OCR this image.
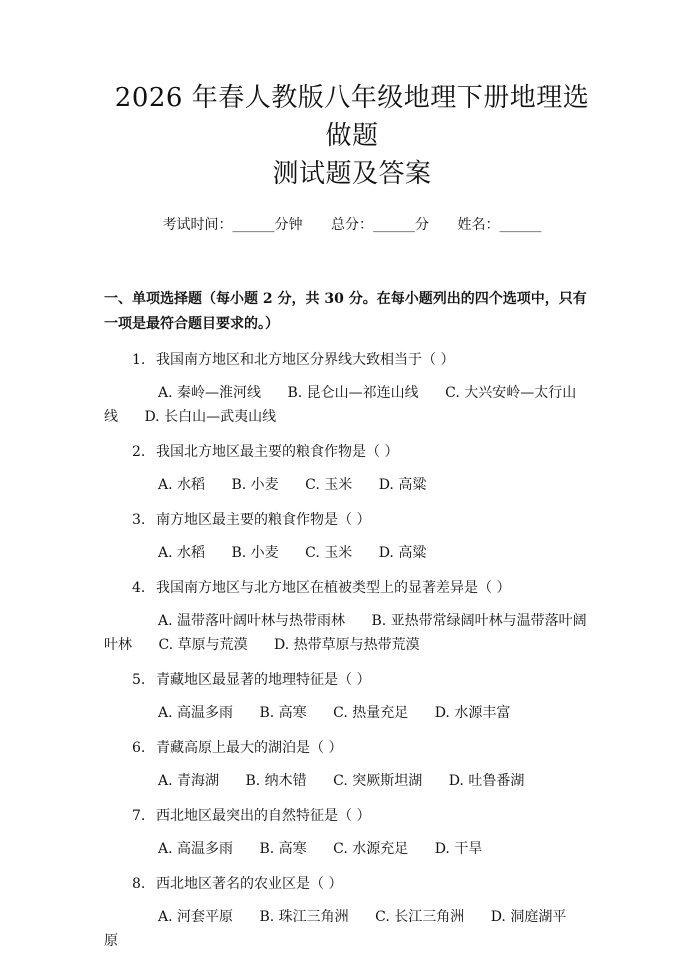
2026 年春人教版八年级地理下册地理选做题
测试题及答案
考试时间：______分钟 总分：______分 姓名：______
一、单项选择题（每小题 2 分，共 30 分。在每小题列出的四个选项中，只有一项是最符合题目要求的。）
1. 我国南方地区和北方地区分界线大致相当于（ ）
A. 秦岭—淮河线 B. 昆仑山—祁连山线 C. 大兴安岭—太行山线 D. 长白山—武夷山线
2. 我国北方地区最主要的粮食作物是（ ）
A. 水稻 B. 小麦 C. 玉米 D. 高粱
3. 南方地区最主要的粮食作物是（ ）
A. 水稻 B. 小麦 C. 玉米 D. 高粱
4. 我国南方地区与北方地区在植被类型上的显著差异是（ ）
A. 温带落叶阔叶林与热带雨林 B. 亚热带常绿阔叶林与温带落叶阔叶林 C. 草原与荒漠 D. 热带草原与热带荒漠
5. 青藏地区最显著的地理特征是（ ）
A. 高温多雨 B. 高寒 C. 热量充足 D. 水源丰富
6. 青藏高原上最大的湖泊是（ ）
A. 青海湖 B. 纳木错 C. 突厥斯坦湖 D. 吐鲁番湖
7. 西北地区最突出的自然特征是（ ）
A. 高温多雨 B. 高寒 C. 水源充足 D. 干旱
8. 西北地区著名的农业区是（ ）
A. 河套平原 B. 珠江三角洲 C. 长江三角洲 D. 洞庭湖平原
